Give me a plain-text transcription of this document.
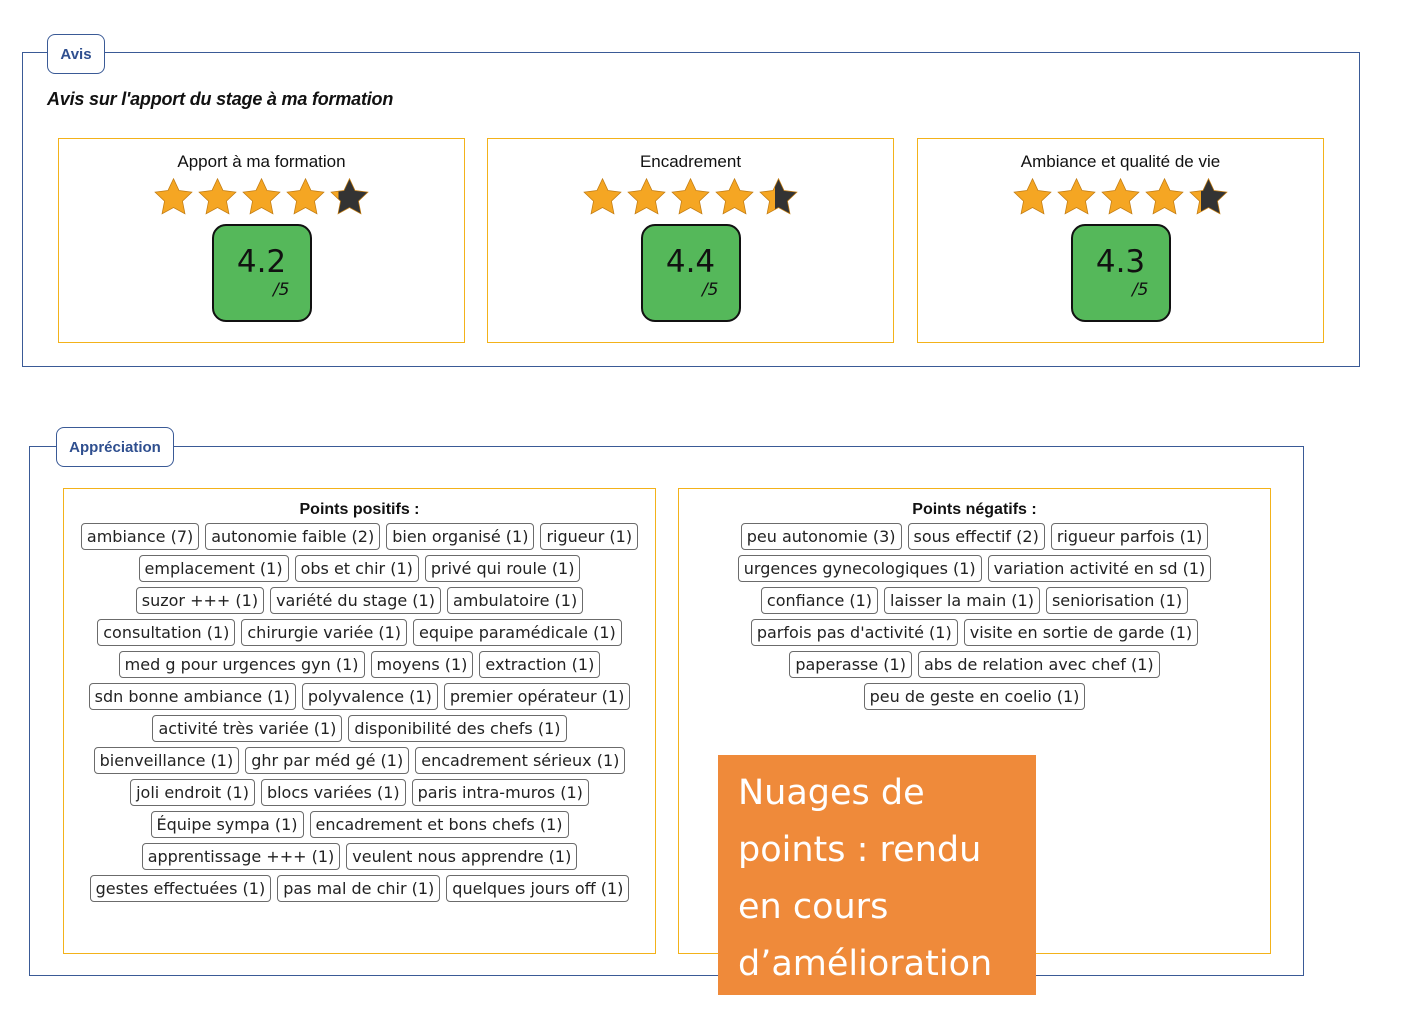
Avis
Avis sur l'apport du stage à ma formation
Apport à ma formation
4.2
/5
Encadrement
4.4
/5
Ambiance et qualité de vie
4.3
/5
Appréciation
Points positifs :
ambiance (7)	autonomie faible (2)	bien organisé (1)	rigueur (1)
emplacement (1)	obs et chir (1)	privé qui roule (1)
suzor +++ (1)	variété du stage (1)	ambulatoire (1)
consultation (1)	chirurgie variée (1)	equipe paramédicale (1)
med g pour urgences gyn (1)	moyens (1)	extraction (1)
sdn bonne ambiance (1)	polyvalence (1)	premier opérateur (1)
activité très variée (1)	disponibilité des chefs (1)
bienveillance (1)	ghr par méd gé (1)	encadrement sérieux (1)
joli endroit (1)	blocs variées (1)	paris intra-muros (1)
Équipe sympa (1)	encadrement et bons chefs (1)
apprentissage +++ (1)	veulent nous apprendre (1)
gestes effectuées (1)	pas mal de chir (1)	quelques jours off (1)
Points négatifs :
peu autonomie (3)	sous effectif (2)	rigueur parfois (1)
urgences gynecologiques (1)	variation activité en sd (1)
confiance (1)	laisser la main (1)	seniorisation (1)
parfois pas d'activité (1)	visite en sortie de garde (1)
paperasse (1)	abs de relation avec chef (1)
peu de geste en coelio (1)
Nuages de
points : rendu
en cours
d’amélioration
